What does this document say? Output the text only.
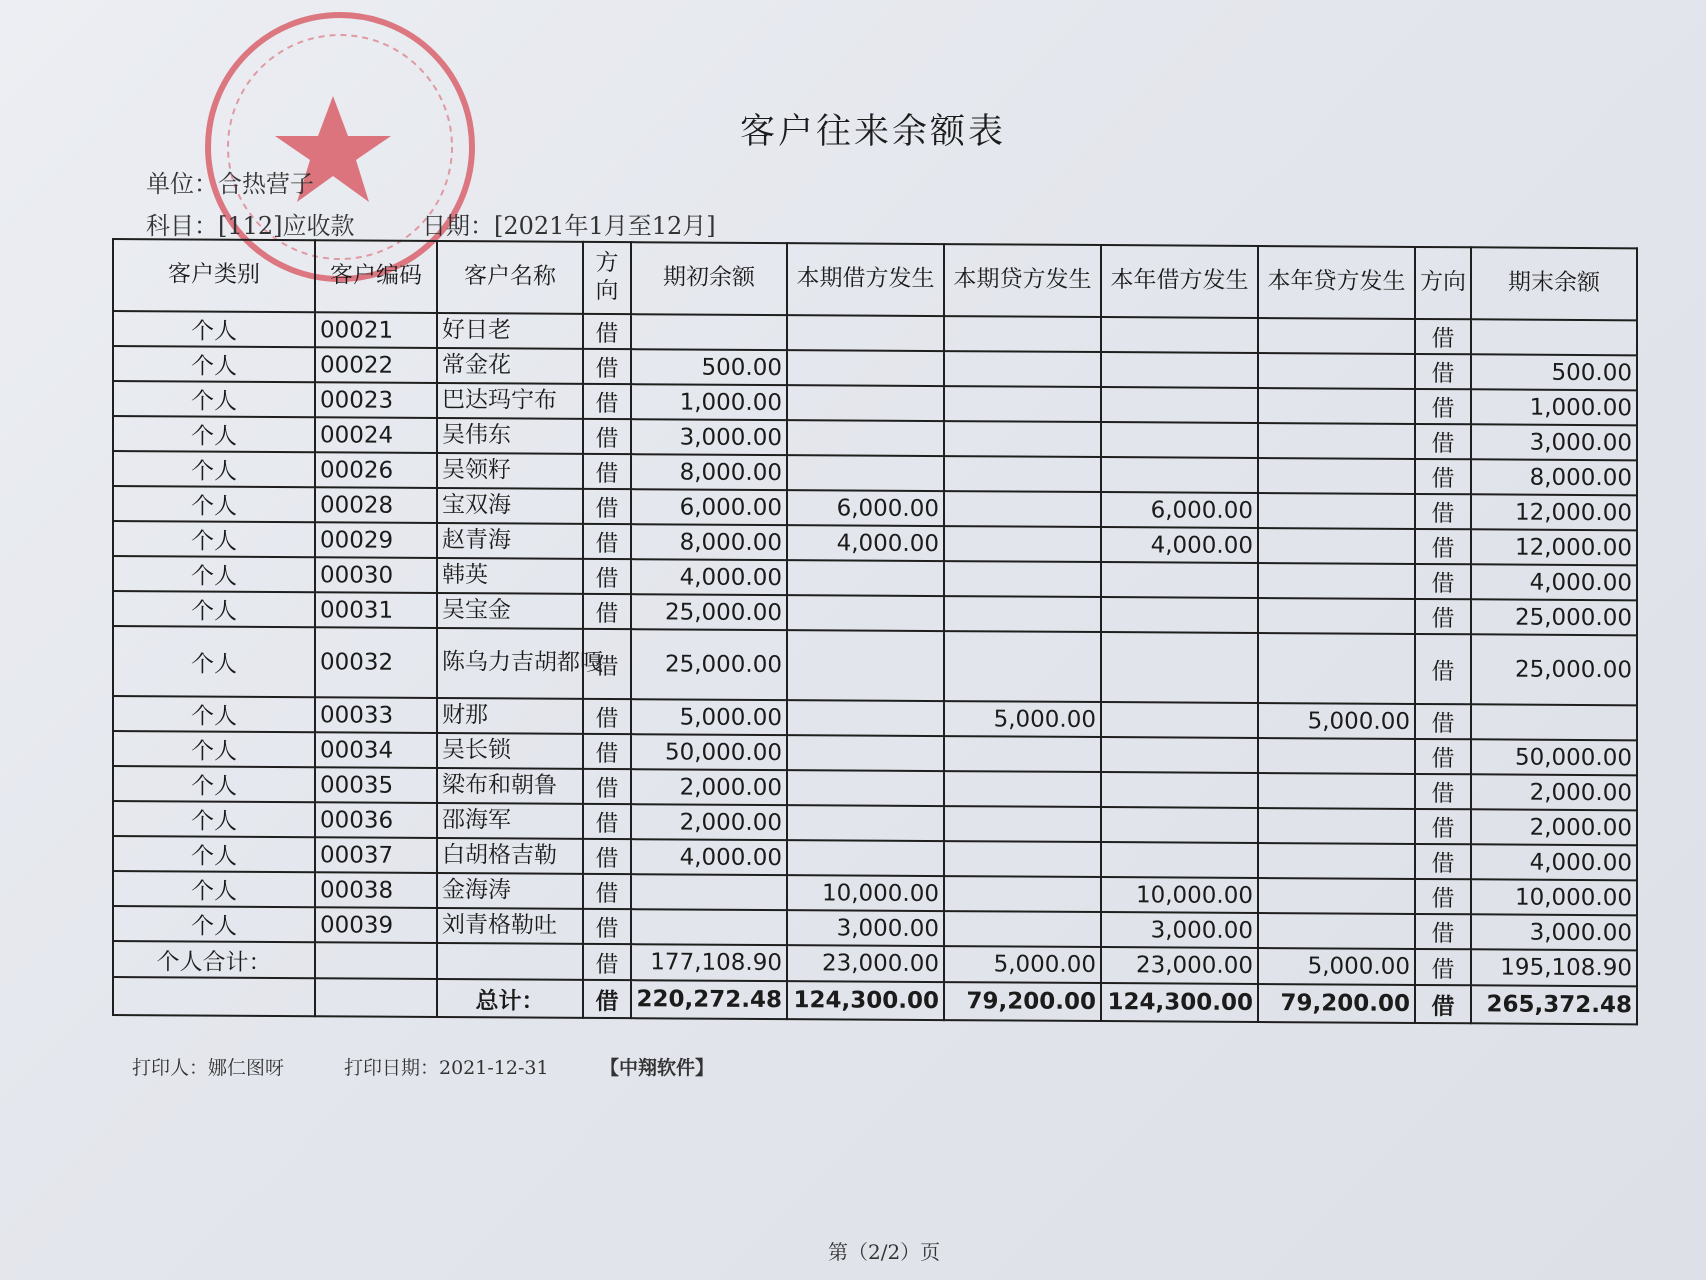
客户往来余额表
单位：合热营子
科目：[112]应收款	日期：[2021年1月至12月]
客户类别	客户编码	客户名称	方向	期初余额	本期借方发生	本期贷方发生	本年借方发生	本年贷方发生	方向	期末余额
个人	00021	好日老	借						借	
个人	00022	常金花	借	500.00					借	500.00
个人	00023	巴达玛宁布	借	1,000.00					借	1,000.00
个人	00024	吴伟东	借	3,000.00					借	3,000.00
个人	00026	吴领籽	借	8,000.00					借	8,000.00
个人	00028	宝双海	借	6,000.00	6,000.00		6,000.00		借	12,000.00
个人	00029	赵青海	借	8,000.00	4,000.00		4,000.00		借	12,000.00
个人	00030	韩英	借	4,000.00					借	4,000.00
个人	00031	吴宝金	借	25,000.00					借	25,000.00
个人	00032	陈乌力吉胡都嘎	借	25,000.00					借	25,000.00
个人	00033	财那	借	5,000.00		5,000.00		5,000.00	借	
个人	00034	吴长锁	借	50,000.00					借	50,000.00
个人	00035	梁布和朝鲁	借	2,000.00					借	2,000.00
个人	00036	邵海军	借	2,000.00					借	2,000.00
个人	00037	白胡格吉勒	借	4,000.00					借	4,000.00
个人	00038	金海涛	借		10,000.00		10,000.00		借	10,000.00
个人	00039	刘青格勒吐	借		3,000.00		3,000.00		借	3,000.00
个人合计：			借	177,108.90	23,000.00	5,000.00	23,000.00	5,000.00	借	195,108.90
		总计：	借	220,272.48	124,300.00	79,200.00	124,300.00	79,200.00	借	265,372.48
打印人：娜仁图呀	打印日期：2021-12-31	【中翔软件】
第（2/2）页
